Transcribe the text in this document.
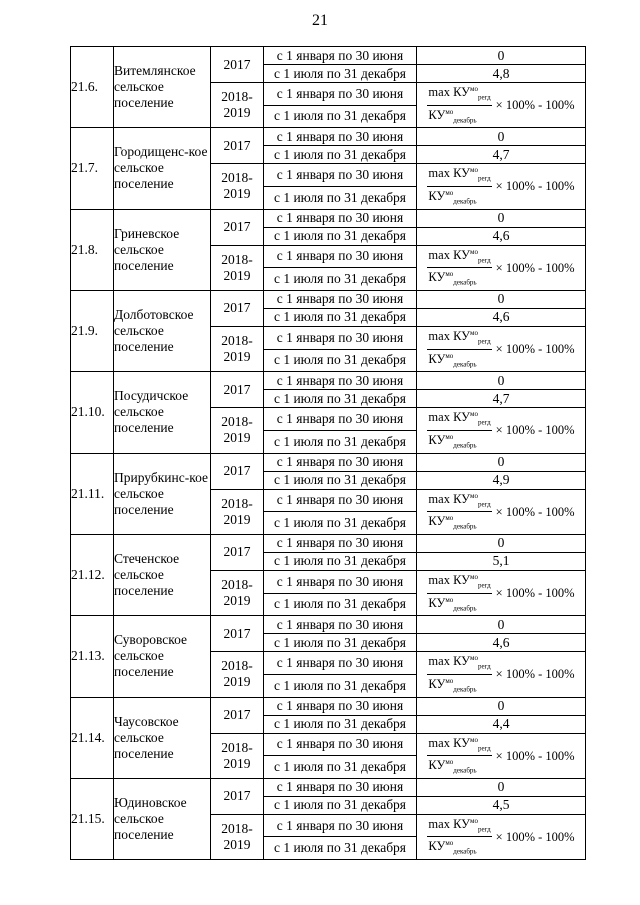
21
21.6.	Витемлянское сельское поселение	2017	с 1 января по 30 июня	0
			с 1 июля по 31 декабря	4,8
		2018-2019	с 1 января по 30 июня	$\frac{\max КУ^{мо}_{регд}}{КУ^{мо}_{декабрь}} \times 100\% - 100\%$

			с 1 июля по 31 декабря	
21.7.	Городищенс-кое сельское поселение	2017	с 1 января по 30 июня	0
			с 1 июля по 31 декабря	4,7
		2018-2019	с 1 января по 30 июня	$\frac{\max КУ^{мо}_{регд}}{КУ^{мо}_{декабрь}} \times 100\% - 100\%$

			с 1 июля по 31 декабря	
21.8.	Гриневское сельское поселение	2017	с 1 января по 30 июня	0
			с 1 июля по 31 декабря	4,6
		2018-2019	с 1 января по 30 июня	$\frac{\max КУ^{мо}_{регд}}{КУ^{мо}_{декабрь}} \times 100\% - 100\%$

			с 1 июля по 31 декабря	
21.9.	Долботовское сельское поселение	2017	с 1 января по 30 июня	0
			с 1 июля по 31 декабря	4,6
		2018-2019	с 1 января по 30 июня	$\frac{\max КУ^{мо}_{регд}}{КУ^{мо}_{декабрь}} \times 100\% - 100\%$

			с 1 июля по 31 декабря	
21.10.	Посудичское сельское поселение	2017	с 1 января по 30 июня	0
			с 1 июля по 31 декабря	4,7
		2018-2019	с 1 января по 30 июня	$\frac{\max КУ^{мо}_{регд}}{КУ^{мо}_{декабрь}} \times 100\% - 100\%$

			с 1 июля по 31 декабря	
21.11.	Прирубкинс-кое сельское поселение	2017	с 1 января по 30 июня	0
			с 1 июля по 31 декабря	4,9
		2018-2019	с 1 января по 30 июня	$\frac{\max КУ^{мо}_{регд}}{КУ^{мо}_{декабрь}} \times 100\% - 100\%$

			с 1 июля по 31 декабря	
21.12.	Стеченское сельское поселение	2017	с 1 января по 30 июня	0
			с 1 июля по 31 декабря	5,1
		2018-2019	с 1 января по 30 июня	$\frac{\max КУ^{мо}_{регд}}{КУ^{мо}_{декабрь}} \times 100\% - 100\%$

			с 1 июля по 31 декабря	
21.13.	Суворовское сельское поселение	2017	с 1 января по 30 июня	0
			с 1 июля по 31 декабря	4,6
		2018-2019	с 1 января по 30 июня	$\frac{\max КУ^{мо}_{регд}}{КУ^{мо}_{декабрь}} \times 100\% - 100\%$

			с 1 июля по 31 декабря	
21.14.	Чаусовское сельское поселение	2017	с 1 января по 30 июня	0
			с 1 июля по 31 декабря	4,4
		2018-2019	с 1 января по 30 июня	$\frac{\max КУ^{мо}_{регд}}{КУ^{мо}_{декабрь}} \times 100\% - 100\%$

			с 1 июля по 31 декабря	
21.15.	Юдиновское сельское поселение	2017	с 1 января по 30 июня	0
			с 1 июля по 31 декабря	4,5
		2018-2019	с 1 января по 30 июня	$\frac{\max КУ^{мо}_{регд}}{КУ^{мо}_{декабрь}} \times 100\% - 100\%$

			с 1 июля по 31 декабря	
